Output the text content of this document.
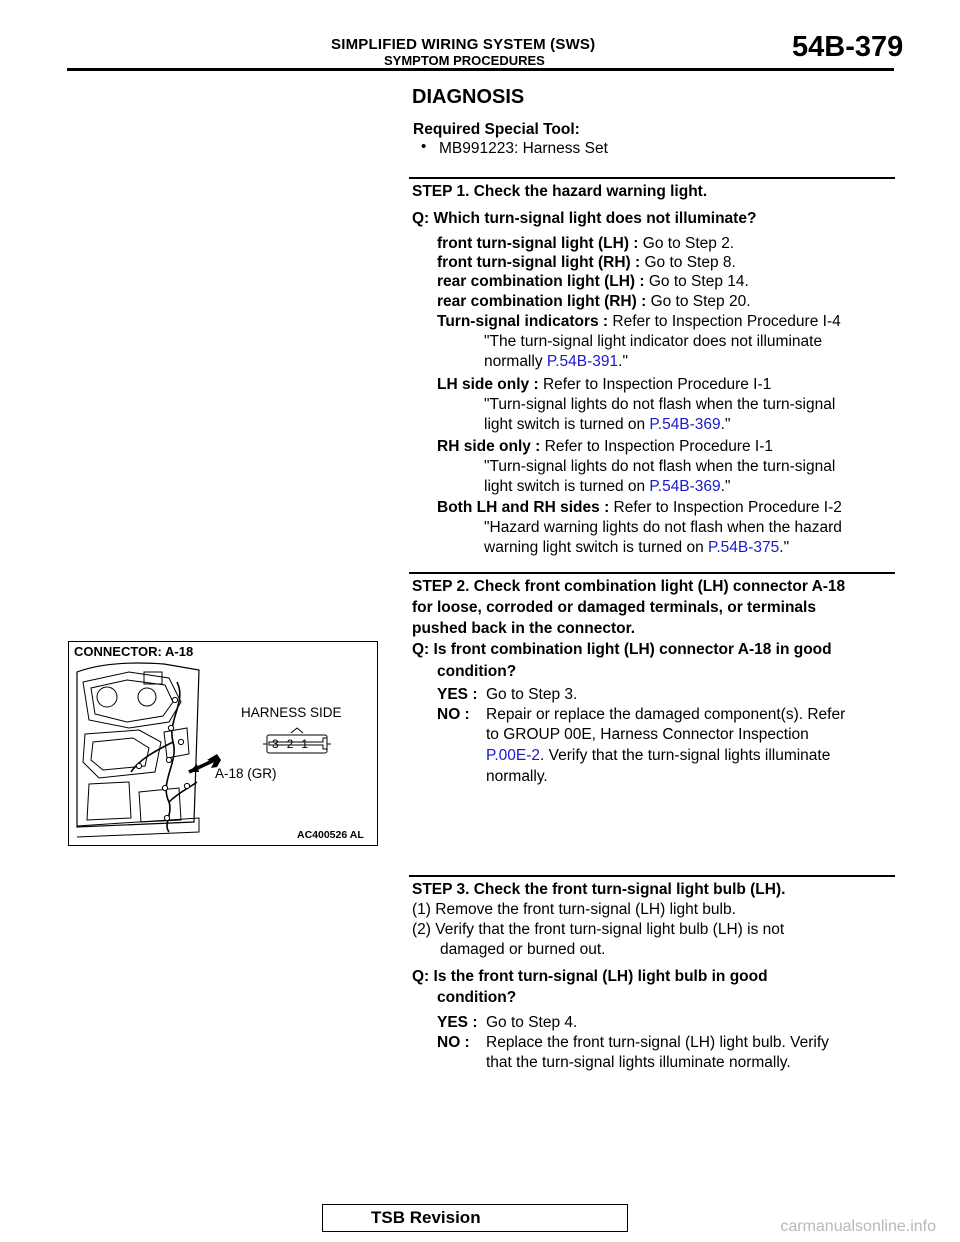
SIMPLIFIED WIRING SYSTEM (SWS)
SYMPTOM PROCEDURES	54B-379
DIAGNOSIS
Required Special Tool:
• MB991223: Harness Set
STEP 1. Check the hazard warning light.
Q: Which turn-signal light does not illuminate?
front turn-signal light (LH) : Go to Step 2.
front turn-signal light (RH) : Go to Step 8.
rear combination light (LH) : Go to Step 14.
rear combination light (RH) : Go to Step 20.
Turn-signal indicators : Refer to Inspection Procedure I-4
"The turn-signal light indicator does not illuminate
normally P.54B-391."
LH side only : Refer to Inspection Procedure I-1
"Turn-signal lights do not flash when the turn-signal
light switch is turned on P.54B-369."
RH side only : Refer to Inspection Procedure I-1
"Turn-signal lights do not flash when the turn-signal
light switch is turned on P.54B-369."
Both LH and RH sides : Refer to Inspection Procedure I-2
"Hazard warning lights do not flash when the hazard
warning light switch is turned on P.54B-375."
STEP 2. Check front combination light (LH) connector A-18
for loose, corroded or damaged terminals, or terminals
pushed back in the connector.
Q: Is front combination light (LH) connector A-18 in good
condition?
YES : Go to Step 3.
NO : Repair or replace the damaged component(s). Refer
to GROUP 00E, Harness Connector Inspection
P.00E-2. Verify that the turn-signal lights illuminate
normally.
CONNECTOR: A-18
HARNESS SIDE
321
A-18 (GR)
AC400526 AL
STEP 3. Check the front turn-signal light bulb (LH).
(1) Remove the front turn-signal (LH) light bulb.
(2) Verify that the front turn-signal light bulb (LH) is not
damaged or burned out.
Q: Is the front turn-signal (LH) light bulb in good
condition?
YES : Go to Step 4.
NO : Replace the front turn-signal (LH) light bulb. Verify
that the turn-signal lights illuminate normally.
TSB Revision	carmanualsonline.info
